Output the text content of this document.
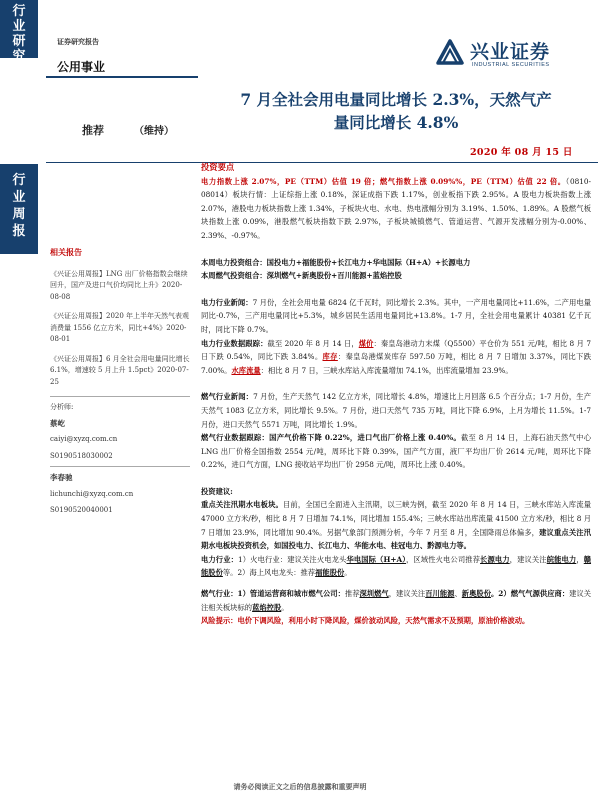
行业研究
行业周报
证券研究报告
公用事业
兴业证券
INDUSTRIAL SECURITIES
7 月全社会用电量同比增长 2.3%，天然气产
量同比增长 4.8%
推荐	（维持）
2020 年 08 月 15 日
相关报告
《兴证公用周报】LNG 出厂价格指数会继续回升，国产及进口气价均同比上升》2020-08-08
《兴证公用周报】2020 年上半年天然气表观消费量 1556 亿立方米，同比+4%》2020-08-01
《兴证公用周报】6 月全社会用电量同比增长 6.1%，增速较 5 月上升 1.5pct》2020-07-25
分析师:
蔡屹
caiyi@xyzq.com.cn
S0190518030002
李春驰
lichunchi@xyzq.com.cn
S0190520040001
投资要点

电力指数上涨 2.07%，PE（TTM）估值 19 倍；燃气指数上涨 0.09%%，PE（TTM）估值 22 倍。（0810-08014）板块行情：上证综指上涨 0.18%，深证成指下跌 1.17%，创业板指下跌 2.95%。A 股电力板块指数上涨 2.07%，港股电力板块指数上涨 1.34%，子板块火电、水电、热电涨幅分别为 3.19%、1.50%、1.89%。A 股燃气板块指数上涨 0.09%，港股燃气板块指数下跌 2.97%，子板块城镇燃气、管道运营、气源开发涨幅分别为-0.00%、2.39%、-0.97%。

本周电力投资组合：国投电力+福能股份+长江电力+华电国际（H+A）+长源电力

本周燃气投资组合：深圳燃气+新奥股份+百川能源+蓝焰控股

电力行业新闻：7 月份，全社会用电量 6824 亿千瓦时，同比增长 2.3%。其中，一产用电量同比+11.6%，二产用电量同比-0.7%，三产用电量同比+5.3%，城乡居民生活用电量同比+13.8%。1-7 月，全社会用电量累计 40381 亿千瓦时，同比下降 0.7%。

电力行业数据跟踪：截至 2020 年 8 月 14 日，煤价：秦皇岛港动力末煤（Q5500）平仓价为 551 元/吨，相比 8 月 7 日下跌 0.54%，同比下跌 3.84%。库存：秦皇岛港煤炭库存 597.50 万吨，相比 8 月 7 日增加 3.37%，同比下跌 7.00%。水库流量：相比 8 月 7 日，三峡水库站入库流量增加 74.1%，出库流量增加 23.9%。

燃气行业新闻：7 月份，生产天然气 142 亿立方米，同比增长 4.8%，增速比上月回落 6.5 个百分点；1-7 月份，生产天然气 1083 亿立方米，同比增长 9.5%。7 月份，进口天然气 735 万吨，同比下降 6.9%，上月为增长 11.5%。1-7 月份，进口天然气 5571 万吨，同比增长 1.9%。

燃气行业数据跟踪：国产气价格下降 0.22%，进口气出厂价格上涨 0.40%。截至 8 月 14 日，上海石油天然气中心 LNG 出厂价格全国指数 2554 元/吨，周环比下降 0.39%，国产气方面，液厂平均出厂价 2614 元/吨，周环比下降 0.22%，进口气方面，LNG 接收站平均出厂价 2958 元/吨，周环比上涨 0.40%。

投资建议:

重点关注汛期水电板块。目前，全国已全面进入主汛期，以三峡为例，截至 2020 年 8 月 14 日，三峡水库站入库流量 47000 立方米/秒，相比 8 月 7 日增加 74.1%，同比增加 155.4%；三峡水库站出库流量 41500 立方米/秒，相比 8 月 7 日增加 23.9%，同比增加 90.4%。另据气象部门预测分析，今年 7 月至 8 月，全国降雨总体偏多，建议重点关注汛期水电板块投资机会，如国投电力、长江电力、华能水电、桂冠电力、黔源电力等。

电力行业：1）火电行业：建议关注火电龙头华电国际（H+A），区域性火电公司推荐长源电力，建议关注皖能电力，赣能股份等。2）海上风电龙头：推荐福能股份。

燃气行业：1）管道运营商和城市燃气公司：推荐深圳燃气，建议关注百川能源、新奥股份。2）燃气气源供应商：建议关注相关板块标的蓝焰控股。

风险提示：电价下调风险，利用小时下降风险，煤价波动风险，天然气需求不及预期，原油价格波动。

请务必阅读正文之后的信息披露和重要声明
